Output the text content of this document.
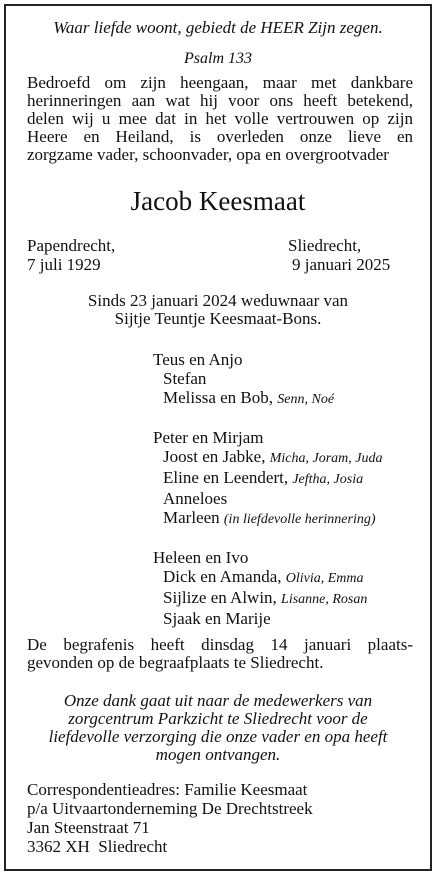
Waar liefde woont, gebiedt de HEER Zijn zegen.
Psalm 133
Bedroefd om zijn heengaan, maar met dankbare
herinneringen aan wat hij voor ons heeft betekend,
delen wij u mee dat in het volle vertrouwen op zijn
Heere en Heiland, is overleden onze lieve en
zorgzame vader, schoonvader, opa en overgrootvader
Jacob Keesmaat
Papendrecht,
7 juli 1929
Sliedrecht,
9 januari 2025
Sinds 23 januari 2024 weduwnaar van
Sijtje Teuntje Keesmaat-Bons.
Teus en Anjo
Stefan
Melissa en Bob, Senn, Noé
Peter en Mirjam
Joost en Jabke, Micha, Joram, Juda
Eline en Leendert, Jeftha, Josia
Anneloes
Marleen (in liefdevolle herinnering)
Heleen en Ivo
Dick en Amanda, Olivia, Emma
Sijlize en Alwin, Lisanne, Rosan
Sjaak en Marije
De begrafenis heeft dinsdag 14 januari plaats-
gevonden op de begraafplaats te Sliedrecht.
Onze dank gaat uit naar de medewerkers van
zorgcentrum Parkzicht te Sliedrecht voor de
liefdevolle verzorging die onze vader en opa heeft
mogen ontvangen.
Correspondentieadres: Familie Keesmaat
p/a Uitvaartonderneming De Drechtstreek
Jan Steenstraat 71
3362 XH  Sliedrecht
